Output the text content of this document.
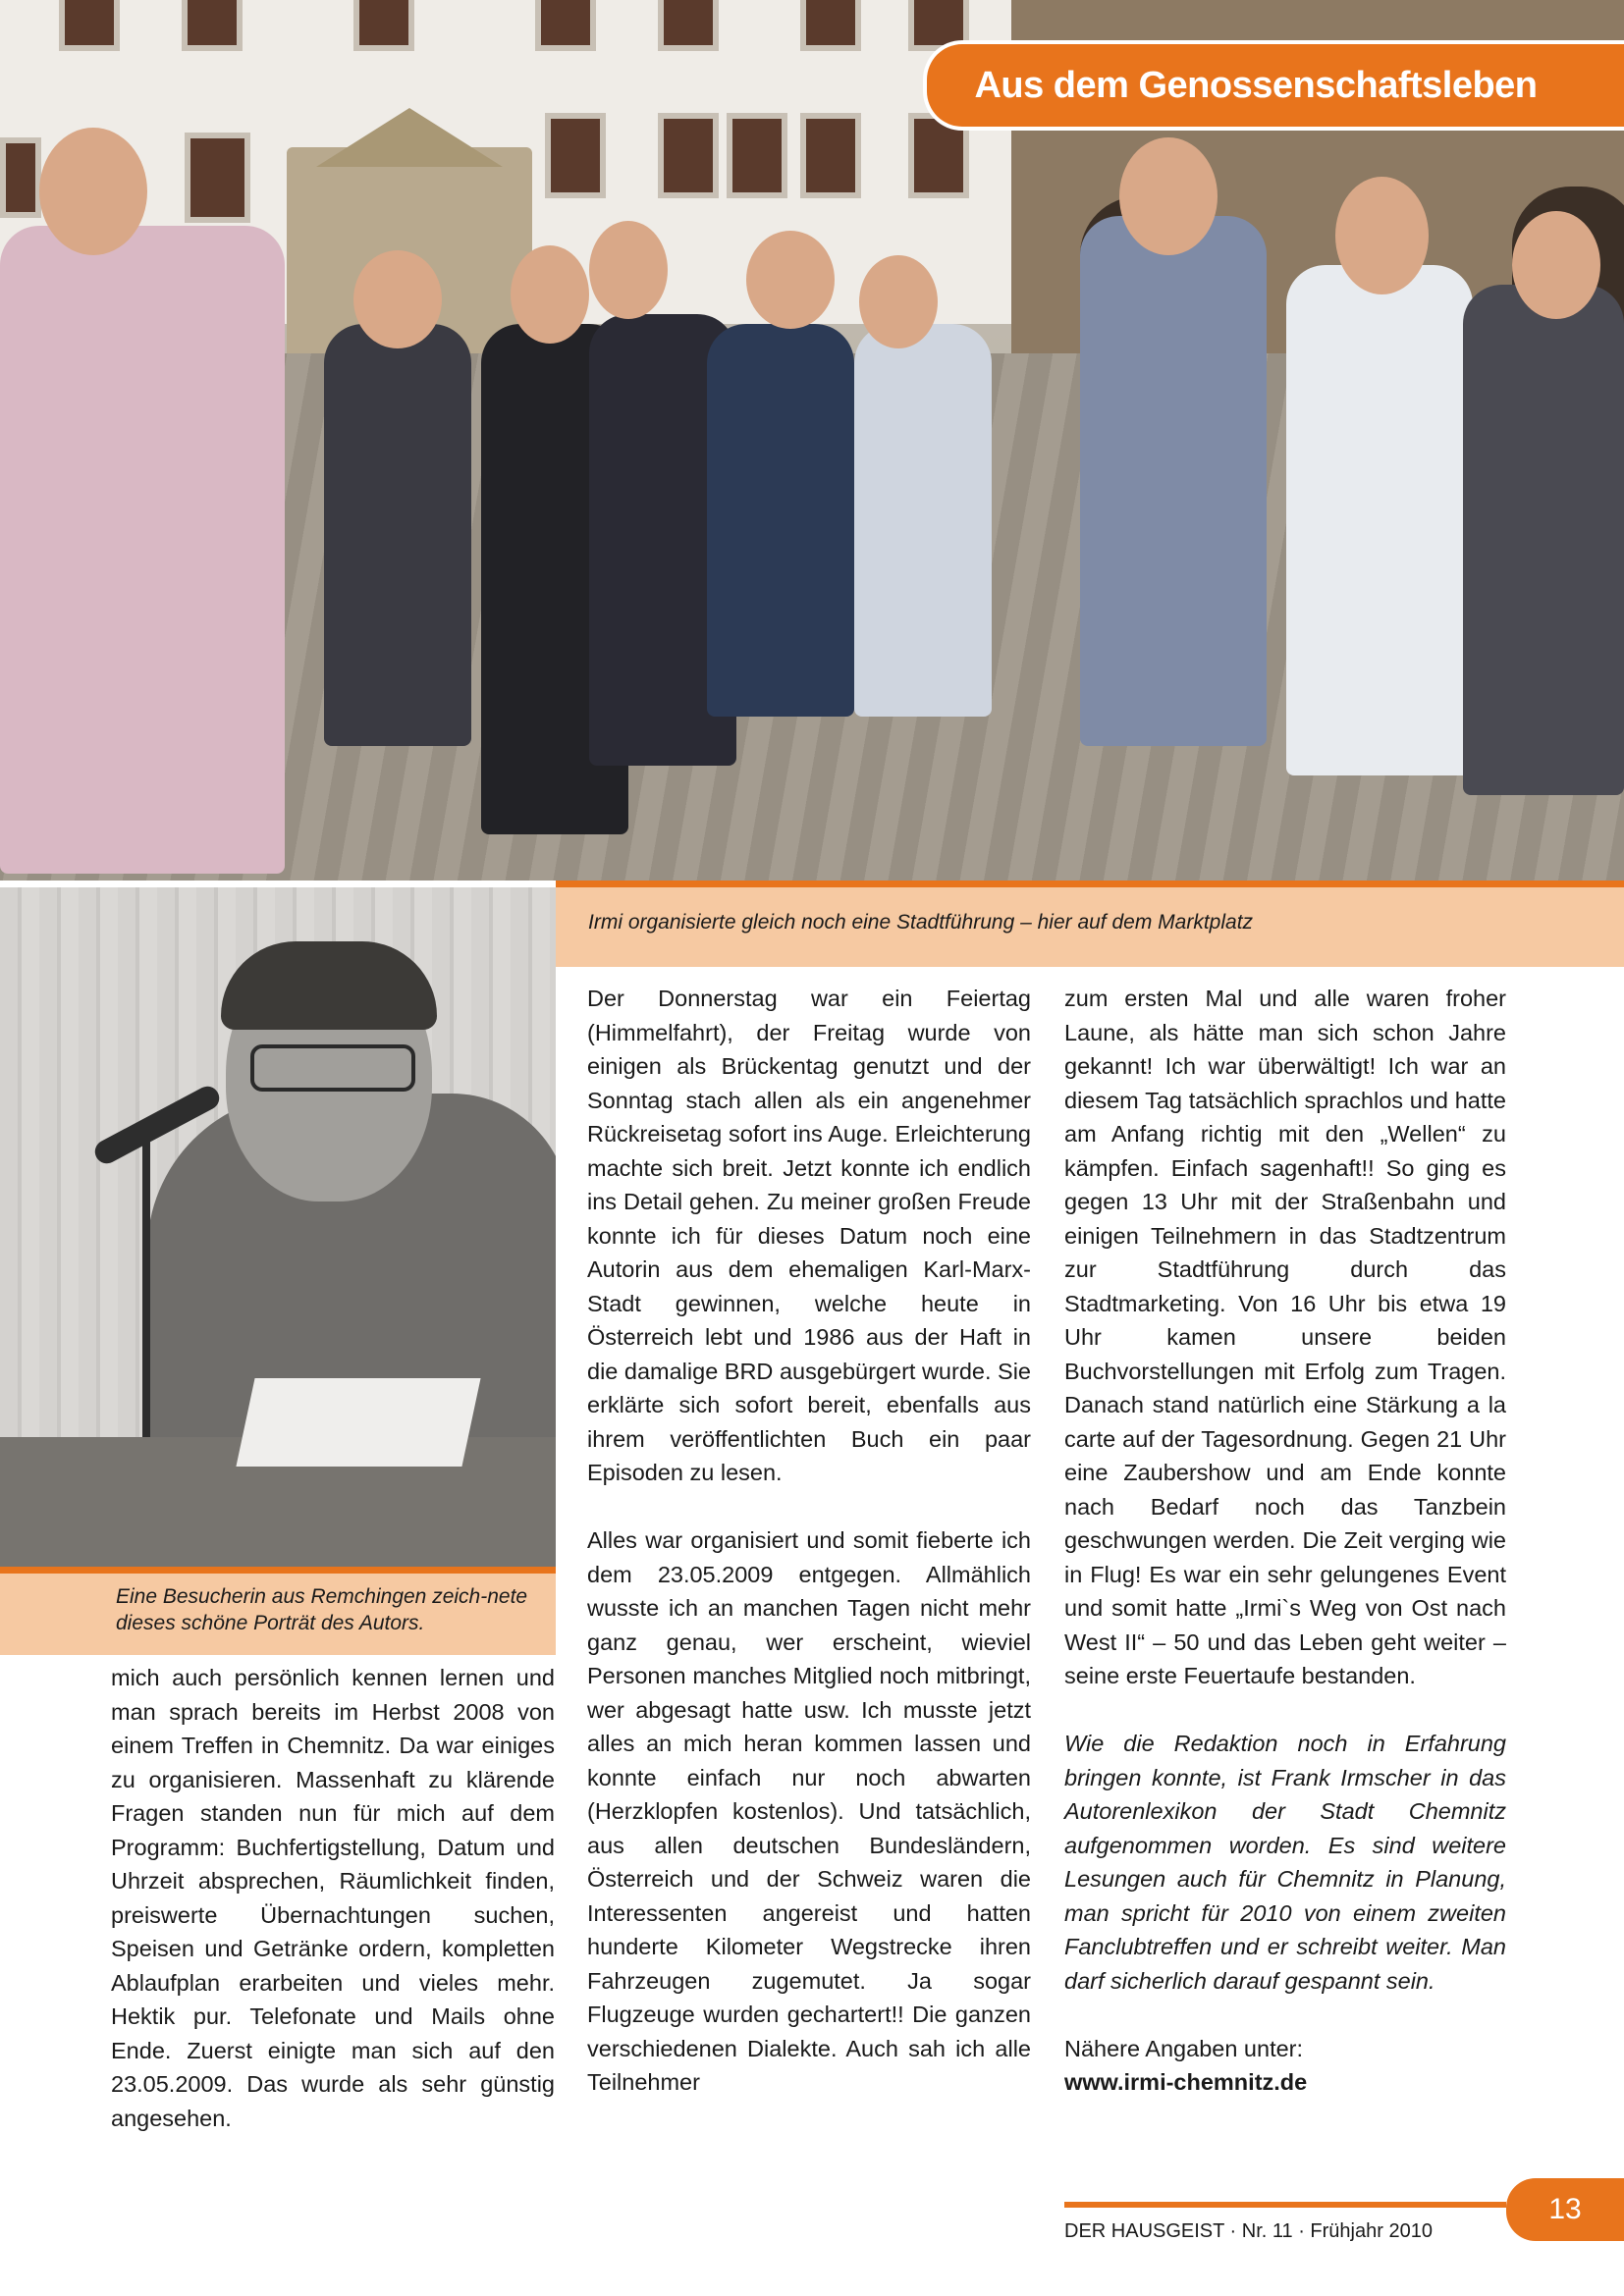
Aus dem Genossenschaftsleben
Irmi organisierte gleich noch eine Stadtführung – hier auf dem Marktplatz
Eine Besucherin aus Remchingen zeich-nete dieses schöne Porträt des Autors.

mich auch persönlich kennen lernen und man sprach bereits im Herbst 2008 von einem Treffen in Chemnitz. Da war einiges zu organisieren. Massenhaft zu klärende Fragen standen nun für mich auf dem Programm: Buchfertigstellung, Datum und Uhrzeit absprechen, Räumlichkeit finden, preiswerte Übernachtungen suchen, Speisen und Getränke ordern, kompletten Ablaufplan erarbeiten und vieles mehr. Hektik pur. Telefonate und Mails ohne Ende. Zuerst einigte man sich auf den 23.05.2009. Das wurde als sehr günstig angesehen.

Der Donnerstag war ein Feiertag (Himmelfahrt), der Freitag wurde von einigen als Brückentag genutzt und der Sonntag stach allen als ein angenehmer Rückreisetag sofort ins Auge. Erleichterung machte sich breit. Jetzt konnte ich endlich ins Detail gehen. Zu meiner großen Freude konnte ich für dieses Datum noch eine Autorin aus dem ehemaligen Karl-Marx-Stadt gewinnen, welche heute in Österreich lebt und 1986 aus der Haft in die damalige BRD ausgebürgert wurde. Sie erklärte sich sofort bereit, ebenfalls aus ihrem veröffentlichten Buch ein paar Episoden zu lesen.

Alles war organisiert und somit fieberte ich dem 23.05.2009 entgegen. Allmählich wusste ich an manchen Tagen nicht mehr ganz genau, wer erscheint, wieviel Personen manches Mitglied noch mitbringt, wer abgesagt hatte usw. Ich musste jetzt alles an mich heran kommen lassen und konnte einfach nur noch abwarten (Herzklopfen kostenlos). Und tatsächlich, aus allen deutschen Bundesländern, Österreich und der Schweiz waren die Interessenten angereist und hatten hunderte Kilometer Wegstrecke ihren Fahrzeugen zugemutet. Ja sogar Flugzeuge wurden gechartert!! Die ganzen verschiedenen Dialekte. Auch sah ich alle Teilnehmer

zum ersten Mal und alle waren froher Laune, als hätte man sich schon Jahre gekannt! Ich war überwältigt! Ich war an diesem Tag tatsächlich sprachlos und hatte am Anfang richtig mit den „Wellen“ zu kämpfen. Einfach sagenhaft!! So ging es gegen 13 Uhr mit der Straßenbahn und einigen Teilnehmern in das Stadtzentrum zur Stadtführung durch das Stadtmarketing. Von 16 Uhr bis etwa 19 Uhr kamen unsere beiden Buchvorstellungen mit Erfolg zum Tragen. Danach stand natürlich eine Stärkung a la carte auf der Tagesordnung. Gegen 21 Uhr eine Zaubershow und am Ende konnte nach Bedarf noch das Tanzbein geschwungen werden. Die Zeit verging wie in Flug! Es war ein sehr gelungenes Event und somit hatte „Irmi`s Weg von Ost nach West II“ – 50 und das Leben geht weiter – seine erste Feuertaufe bestanden.

Wie die Redaktion noch in Erfahrung bringen konnte, ist Frank Irmscher in das Autorenlexikon der Stadt Chemnitz aufgenommen worden. Es sind weitere Lesungen auch für Chemnitz in Planung, man spricht für 2010 von einem zweiten Fanclubtreffen und er schreibt weiter. Man darf sicherlich darauf gespannt sein.

Nähere Angaben unter:

www.irmi-chemnitz.de

13
DER HAUSGEIST · Nr. 11 · Frühjahr 2010
